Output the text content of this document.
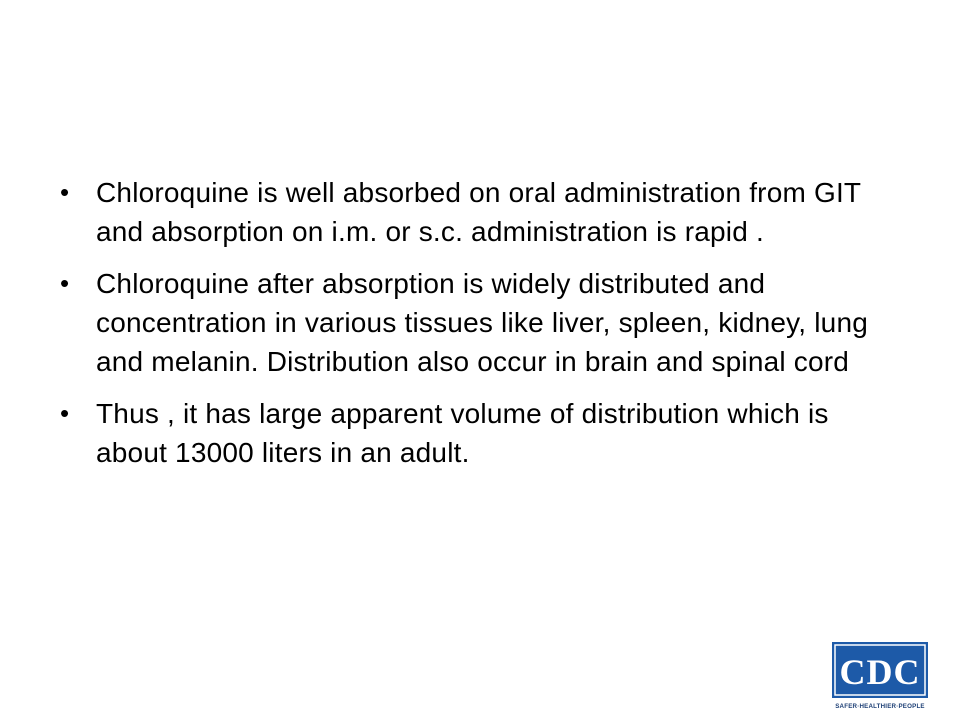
• Chloroquine is well absorbed on oral administration from GIT and absorption on i.m. or s.c. administration is rapid .
• Chloroquine after absorption is widely distributed and concentration in various tissues like liver, spleen, kidney, lung and melanin. Distribution also occur in brain and spinal cord
• Thus , it has large apparent volume of distribution which is about 13000 liters in an adult.
CDC
SAFER·HEALTHIER·PEOPLE
